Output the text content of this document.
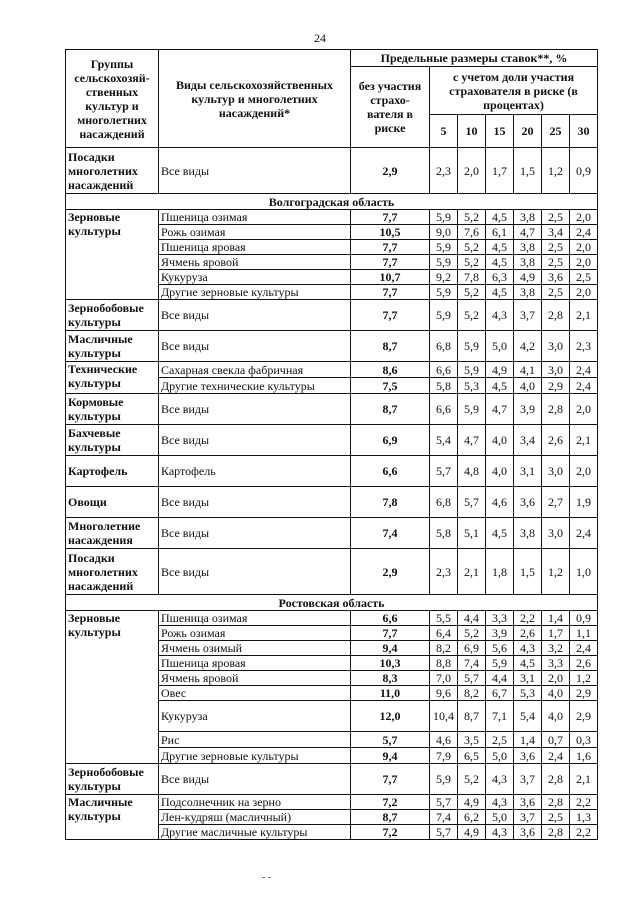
24
Группы сельскохозяй-ственных культур и многолетних насаждений	Виды сельскохозяйственных культур и многолетних насаждений*	Предельные размеры ставок**, %						
		без участия страхо-вателя в риске	с учетом доли участия страхователя в риске (в процентах)					
			5	10	15	20	25	30
Посадки многолетних насаждений	Все виды	2,9	2,3	2,0	1,7	1,5	1,2	0,9
Волгоградская область								
Зерновые культуры	Пшеница озимая	7,7	5,9	5,2	4,5	3,8	2,5	2,0
	Рожь озимая	10,5	9,0	7,6	6,1	4,7	3,4	2,4
	Пшеница яровая	7,7	5,9	5,2	4,5	3,8	2,5	2,0
	Ячмень яровой	7,7	5,9	5,2	4,5	3,8	2,5	2,0
	Кукуруза	10,7	9,2	7,8	6,3	4,9	3,6	2,5
	Другие зерновые культуры	7,7	5,9	5,2	4,5	3,8	2,5	2,0
Зернобобовые культуры	Все виды	7,7	5,9	5,2	4,3	3,7	2,8	2,1
Масличные культуры	Все виды	8,7	6,8	5,9	5,0	4,2	3,0	2,3
Технические культуры	Сахарная свекла фабричная	8,6	6,6	5,9	4,9	4,1	3,0	2,4
	Другие технические культуры	7,5	5,8	5,3	4,5	4,0	2,9	2,4
Кормовые культуры	Все виды	8,7	6,6	5,9	4,7	3,9	2,8	2,0
Бахчевые культуры	Все виды	6,9	5,4	4,7	4,0	3,4	2,6	2,1
Картофель	Картофель	6,6	5,7	4,8	4,0	3,1	3,0	2,0
Овощи	Все виды	7,8	6,8	5,7	4,6	3,6	2,7	1,9
Многолетние насаждения	Все виды	7,4	5,8	5,1	4,5	3,8	3,0	2,4
Посадки многолетних насаждений	Все виды	2,9	2,3	2,1	1,8	1,5	1,2	1,0
Ростовская область								
Зерновые культуры	Пшеница озимая	6,6	5,5	4,4	3,3	2,2	1,4	0,9
	Рожь озимая	7,7	6,4	5,2	3,9	2,6	1,7	1,1
	Ячмень озимый	9,4	8,2	6,9	5,6	4,3	3,2	2,4
	Пшеница яровая	10,3	8,8	7,4	5,9	4,5	3,3	2,6
	Ячмень яровой	8,3	7,0	5,7	4,4	3,1	2,0	1,2
	Овес	11,0	9,6	8,2	6,7	5,3	4,0	2,9
	Кукуруза	12,0	10,4	8,7	7,1	5,4	4,0	2,9
	Рис	5,7	4,6	3,5	2,5	1,4	0,7	0,3
	Другие зерновые культуры	9,4	7,9	6,5	5,0	3,6	2,4	1,6
Зернобобовые культуры	Все виды	7,7	5,9	5,2	4,3	3,7	2,8	2,1
Масличные культуры	Подсолнечник на зерно	7,2	5,7	4,9	4,3	3,6	2,8	2,2
	Лен-кудряш (масличный)	8,7	7,4	6,2	5,0	3,7	2,5	1,3
	Другие масличные культуры	7,2	5,7	4,9	4,3	3,6	2,8	2,2
